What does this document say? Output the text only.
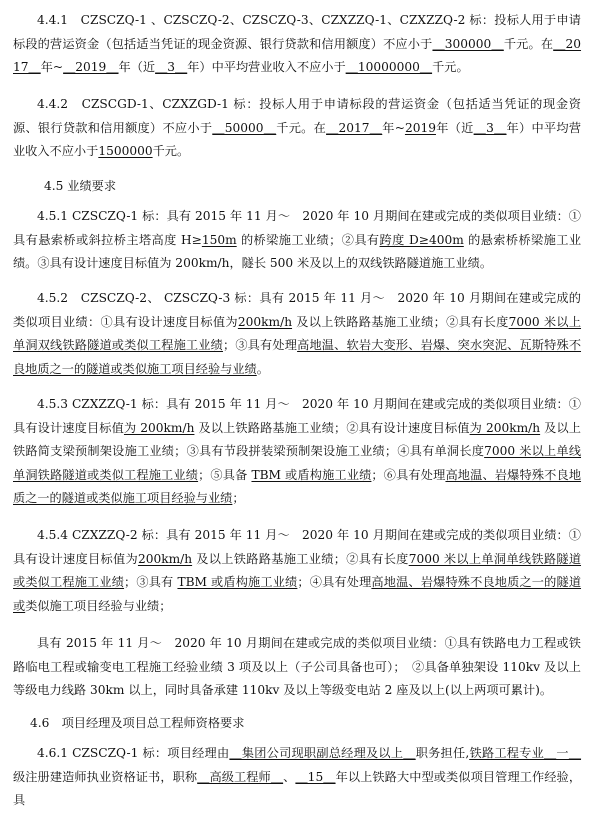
4.4.1　CZSCZQ-1 、CZSCZQ-2、CZSCZQ-3、CZXZZQ-1、CZXZZQ-2 标：投标人用于申请标段的营运资金（包括适当凭证的现金资源、银行贷款和信用额度）不应小于＿300000＿千元。在＿2017＿年~＿2019＿年（近＿3＿年）中平均营业收入不应小于＿10000000＿千元。
4.4.2　CZSCGD-1、CZXZGD-1 标：投标人用于申请标段的营运资金（包括适当凭证的现金资源、银行贷款和信用额度）不应小于＿50000＿千元。在＿2017＿年~2019年（近＿3＿年）中平均营业收入不应小于1500000千元。
4.5 业绩要求
4.5.1 CZSCZQ-1 标：具有 2015 年 11 月～　2020 年 10 月期间在建或完成的类似项目业绩：①具有悬索桥或斜拉桥主塔高度 H≥150m 的桥梁施工业绩；②具有跨度 D≥400m 的悬索桥桥梁施工业绩。③具有设计速度目标值为 200km/h，隧长 500 米及以上的双线铁路隧道施工业绩。
4.5.2　CZSCZQ-2、 CZSCZQ-3 标：具有 2015 年 11 月～　2020 年 10 月期间在建或完成的类似项目业绩：①具有设计速度目标值为200km/h 及以上铁路路基施工业绩；②具有长度7000 米以上单洞双线铁路隧道或类似工程施工业绩；③具有处理高地温、软岩大变形、岩爆、突水突泥、瓦斯特殊不良地质之一的隧道或类似施工项目经验与业绩。
4.5.3 CZXZZQ-1 标：具有 2015 年 11 月～　2020 年 10 月期间在建或完成的类似项目业绩：①具有设计速度目标值为 200km/h 及以上铁路路基施工业绩；②具有设计速度目标值为 200km/h 及以上铁路简支梁预制架设施工业绩；③具有节段拼装梁预制架设施工业绩；④具有单洞长度7000 米以上单线单洞铁路隧道或类似工程施工业绩；⑤具备 TBM 或盾构施工业绩；⑥具有处理高地温、岩爆特殊不良地质之一的隧道或类似施工项目经验与业绩；
4.5.4 CZXZZQ-2 标：具有 2015 年 11 月～　2020 年 10 月期间在建或完成的类似项目业绩：①具有设计速度目标值为200km/h 及以上铁路路基施工业绩；②具有长度7000 米以上单洞单线铁路隧道或类似工程施工业绩；③具有 TBM 或盾构施工业绩；④具有处理高地温、岩爆特殊不良地质之一的隧道或类似施工项目经验与业绩；
具有 2015 年 11 月～　2020 年 10 月期间在建或完成的类似项目业绩：①具有铁路电力工程或铁路临电工程或输变电工程施工经验业绩 3 项及以上（子公司具备也可）；　②具备单独架设 110kv 及以上等级电力线路 30km 以上，同时具备承建 110kv 及以上等级变电站 2 座及以上(以上两项可累计)。
4.6　项目经理及项目总工程师资格要求
4.6.1 CZSCZQ-1 标：项目经理由＿集团公司现职副总经理及以上＿职务担任,铁路工程专业＿一＿级注册建造师执业资格证书，职称＿高级工程师＿、＿15＿年以上铁路大中型或类似项目管理工作经验，具
